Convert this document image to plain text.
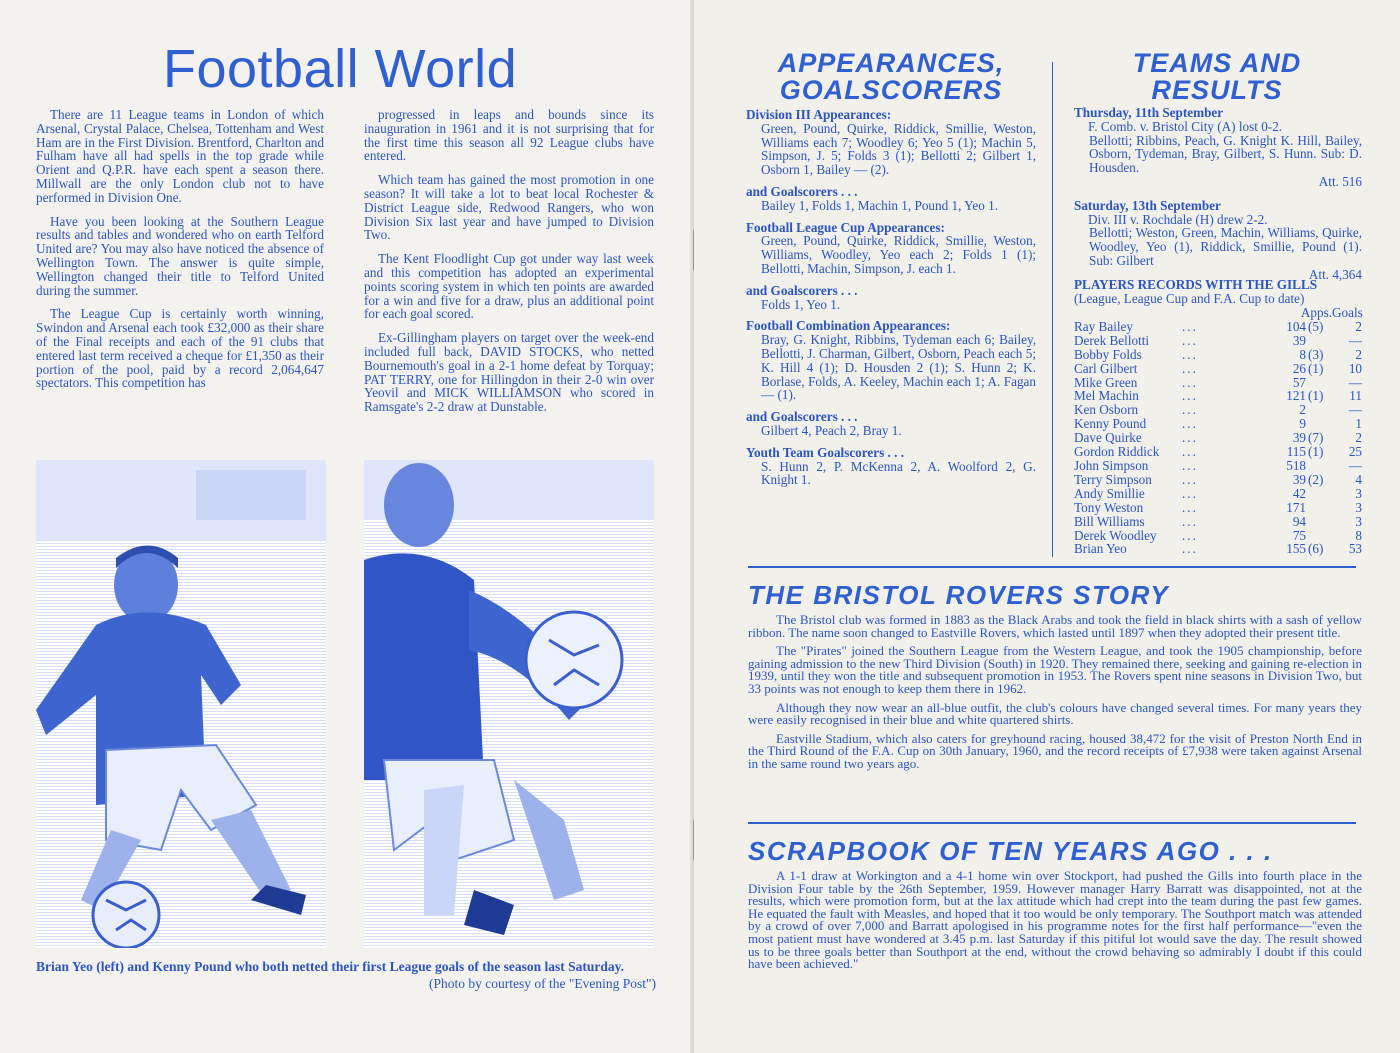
Football World

There are 11 League teams in London of which Arsenal, Crystal Palace, Chelsea, Tottenham and West Ham are in the First Division. Brentford, Charlton and Fulham have all had spells in the top grade while Orient and Q.P.R. have each spent a season there. Millwall are the only London club not to have performed in Division One.

Have you been looking at the Southern League results and tables and wondered who on earth Telford United are? You may also have noticed the absence of Wellington Town. The answer is quite simple, Wellington changed their title to Telford United during the summer.

The League Cup is certainly worth winning, Swindon and Arsenal each took £32,000 as their share of the Final receipts and each of the 91 clubs that entered last term received a cheque for £1,350 as their portion of the pool, paid by a record 2,064,647 spectators. This competition has

progressed in leaps and bounds since its inauguration in 1961 and it is not surprising that for the first time this season all 92 League clubs have entered.

Which team has gained the most promotion in one season? It will take a lot to beat local Rochester & District League side, Redwood Rangers, who won Division Six last year and have jumped to Division Two.

The Kent Floodlight Cup got under way last week and this competition has adopted an experimental points scoring system in which ten points are awarded for a win and five for a draw, plus an additional point for each goal scored.

Ex-Gillingham players on target over the week-end included full back, DAVID STOCKS, who netted Bournemouth's goal in a 2-1 home defeat by Torquay; PAT TERRY, one for Hillingdon in their 2-0 win over Yeovil and MICK WILLIAMSON who scored in Ramsgate's 2-2 draw at Dunstable.

Brian Yeo (left) and Kenny Pound who both netted their first League goals of the season last Saturday.
(Photo by courtesy of the "Evening Post")
APPEARANCES,
GOALSCORERS
Division III Appearances:
Green, Pound, Quirke, Riddick, Smillie, Weston, Williams each 7; Woodley 6; Yeo 5 (1); Machin 5, Simpson, J. 5; Folds 3 (1); Bellotti 2; Gilbert 1, Osborn 1, Bailey — (2).
and Goalscorers . . .
Bailey 1, Folds 1, Machin 1, Pound 1, Yeo 1.
Football League Cup Appearances:
Green, Pound, Quirke, Riddick, Smillie, Weston, Williams, Woodley, Yeo each 2; Folds 1 (1); Bellotti, Machin, Simpson, J. each 1.
and Goalscorers . . .
Folds 1, Yeo 1.
Football Combination Appearances:
Bray, G. Knight, Ribbins, Tydeman each 6; Bailey, Bellotti, J. Charman, Gilbert, Osborn, Peach each 5; K. Hill 4 (1); D. Housden 2 (1); S. Hunn 2; K. Borlase, Folds, A. Keeley, Machin each 1; A. Fagan — (1).
and Goalscorers . . .
Gilbert 4, Peach 2, Bray 1.
Youth Team Goalscorers . . .
S. Hunn 2, P. McKenna 2, A. Woolford 2, G. Knight 1.
TEAMS AND
RESULTS
Thursday, 11th September
F. Comb. v. Bristol City (A) lost 0-2.
Bellotti; Ribbins, Peach, G. Knight K. Hill, Bailey, Osborn, Tydeman, Bray, Gilbert, S. Hunn. Sub: D. Housden.
Att. 516
Saturday, 13th September
Div. III v. Rochdale (H) drew 2-2.
Bellotti; Weston, Green, Machin, Williams, Quirke, Woodley, Yeo (1), Riddick, Smillie, Pound (1). Sub: Gilbert
Att. 4,364
PLAYERS RECORDS WITH THE GILLS
(League, League Cup and F.A. Cup to date)
Apps. Goals
Ray Bailey	...	104 (5)	2
Derek Bellotti	...	39	—
Bobby Folds	...	8 (3)	2
Carl Gilbert	...	26 (1)	10
Mike Green	...	57	—
Mel Machin	...	121 (1)	11
Ken Osborn	...	2	—
Kenny Pound	...	9	1
Dave Quirke	...	39 (7)	2
Gordon Riddick	...	115 (1)	25
John Simpson	...	518	—
Terry Simpson	...	39 (2)	4
Andy Smillie	...	42	3
Tony Weston	...	171	3
Bill Williams	...	94	3
Derek Woodley	...	75	8
Brian Yeo	...	155 (6)	53
THE BRISTOL ROVERS STORY

The Bristol club was formed in 1883 as the Black Arabs and took the field in black shirts with a sash of yellow ribbon. The name soon changed to Eastville Rovers, which lasted until 1897 when they adopted their present title.

The "Pirates" joined the Southern League from the Western League, and took the 1905 championship, before gaining admission to the new Third Division (South) in 1920. They remained there, seeking and gaining re-election in 1939, until they won the title and subsequent promotion in 1953. The Rovers spent nine seasons in Division Two, but 33 points was not enough to keep them there in 1962.

Although they now wear an all-blue outfit, the club's colours have changed several times. For many years they were easily recognised in their blue and white quartered shirts.

Eastville Stadium, which also caters for greyhound racing, housed 38,472 for the visit of Preston North End in the Third Round of the F.A. Cup on 30th January, 1960, and the record receipts of £7,938 were taken against Arsenal in the same round two years ago.

SCRAPBOOK OF TEN YEARS AGO . . .

A 1-1 draw at Workington and a 4-1 home win over Stockport, had pushed the Gills into fourth place in the Division Four table by the 26th September, 1959. However manager Harry Barratt was disappointed, not at the results, which were promotion form, but at the lax attitude which had crept into the team during the past few games. He equated the fault with Measles, and hoped that it too would be only temporary. The Southport match was attended by a crowd of over 7,000 and Barratt apologised in his programme notes for the first half performance—"even the most patient must have wondered at 3.45 p.m. last Saturday if this pitiful lot would save the day. The result showed us to be three goals better than Southport at the end, without the crowd behaving so admirably I doubt if this could have been achieved."
